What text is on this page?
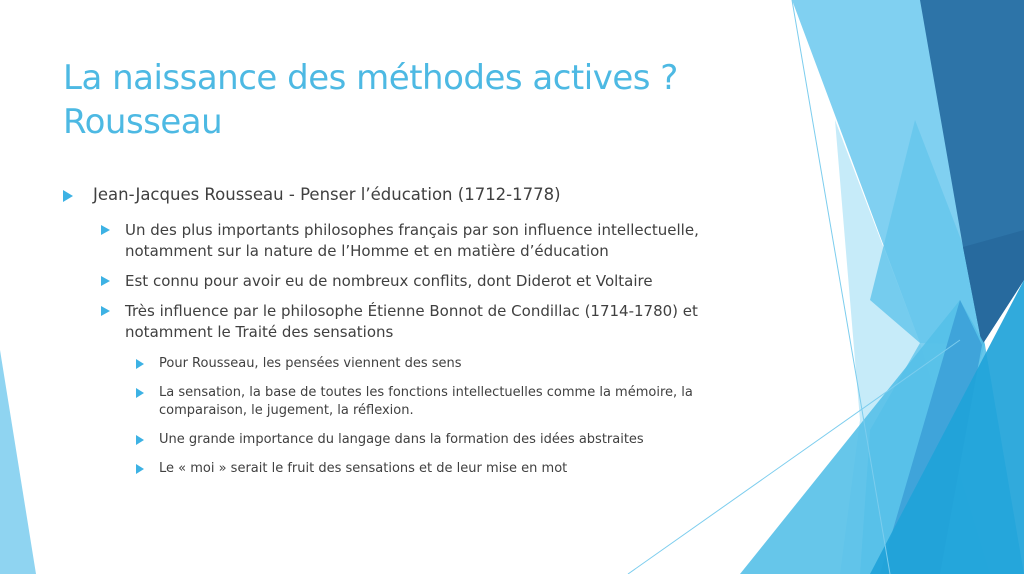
La naissance des méthodes actives ?
Rousseau

Jean-Jacques Rousseau - Penser l’éducation (1712-1778)

Un des plus importants philosophes français par son influence intellectuelle, notamment sur la nature de l’Homme et en matière d’éducation

Est connu pour avoir eu de nombreux conflits, dont Diderot et Voltaire

Très influence par le philosophe Étienne Bonnot de Condillac (1714-1780) et notamment le Traité des sensations

Pour Rousseau, les pensées viennent des sens

La sensation, la base de toutes les fonctions intellectuelles comme la mémoire, la comparaison, le jugement, la réflexion.

Une grande importance du langage dans la formation des idées abstraites

Le « moi » serait le fruit des sensations et de leur mise en mot
